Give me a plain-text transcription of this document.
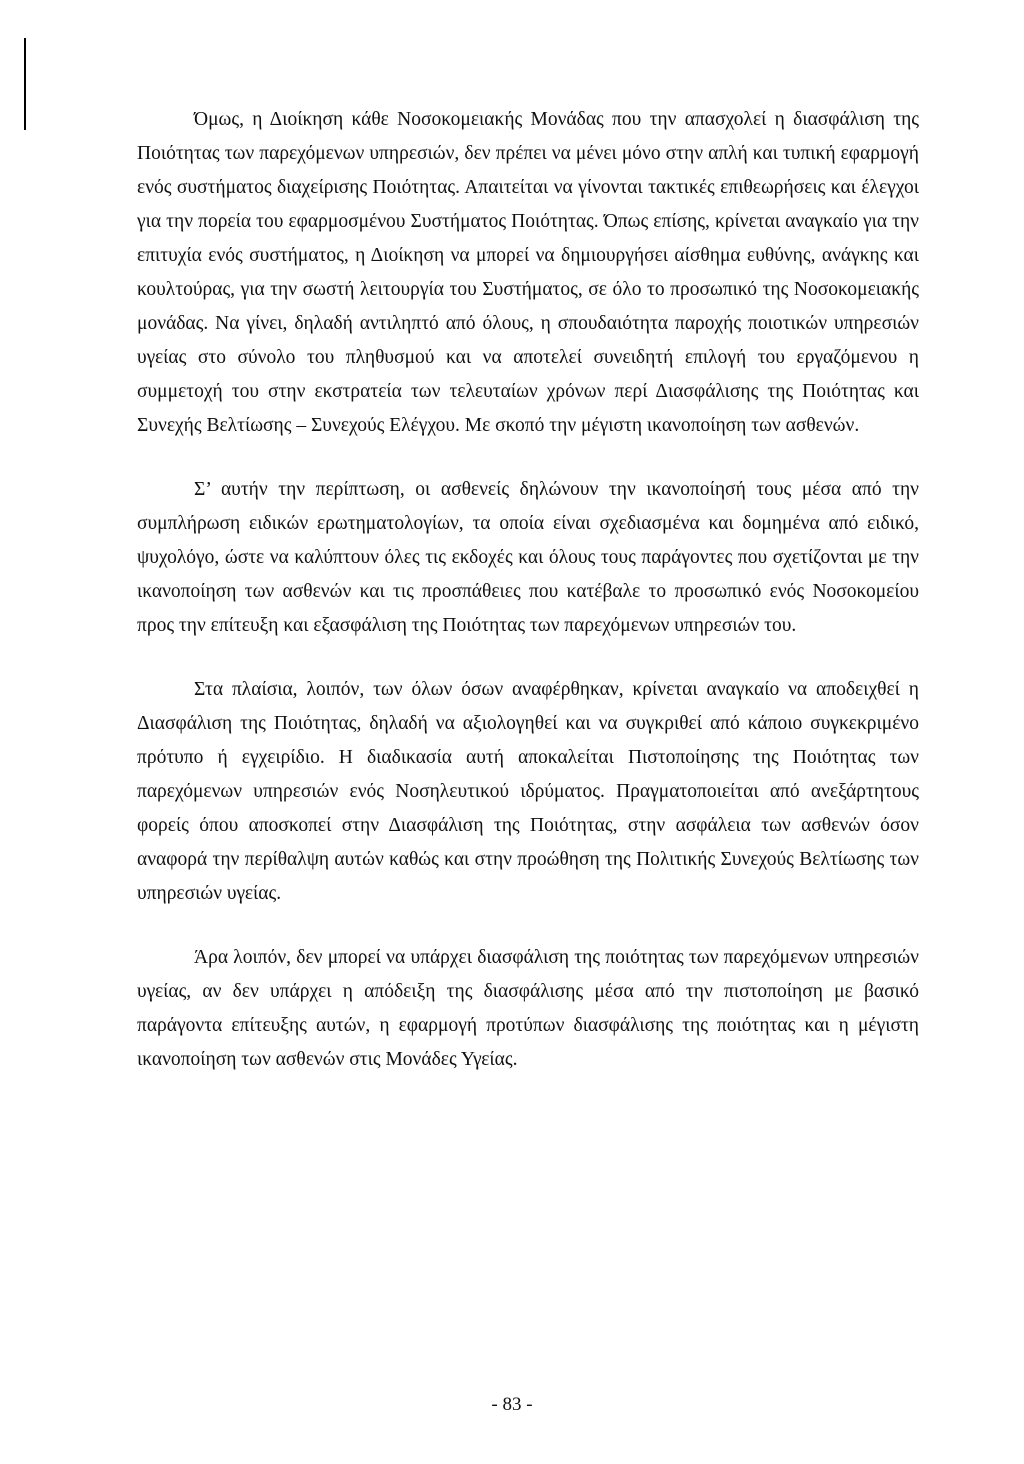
Όμως, η Διοίκηση κάθε Νοσοκομειακής Μονάδας που την απασχολεί η διασφάλιση της Ποιότητας των παρεχόμενων υπηρεσιών, δεν πρέπει να μένει μόνο στην απλή και τυπική εφαρμογή ενός συστήματος διαχείρισης Ποιότητας. Απαιτείται να γίνονται τακτικές επιθεωρήσεις και έλεγχοι για την πορεία του εφαρμοσμένου Συστήματος Ποιότητας. Όπως επίσης, κρίνεται αναγκαίο για την επιτυχία ενός συστήματος, η Διοίκηση να μπορεί να δημιουργήσει αίσθημα ευθύνης, ανάγκης και κουλτούρας, για την σωστή λειτουργία του Συστήματος, σε όλο το προσωπικό της Νοσοκομειακής μονάδας. Να γίνει, δηλαδή αντιληπτό από όλους, η σπουδαιότητα παροχής ποιοτικών υπηρεσιών υγείας στο σύνολο του πληθυσμού και να αποτελεί συνειδητή επιλογή του εργαζόμενου η συμμετοχή του στην εκστρατεία των τελευταίων χρόνων περί Διασφάλισης της Ποιότητας και Συνεχής Βελτίωσης – Συνεχούς Ελέγχου. Με σκοπό την μέγιστη ικανοποίηση των ασθενών.

Σ’ αυτήν την περίπτωση, οι ασθενείς δηλώνουν την ικανοποίησή τους μέσα από την συμπλήρωση ειδικών ερωτηματολογίων, τα οποία είναι σχεδιασμένα και δομημένα από ειδικό, ψυχολόγο, ώστε να καλύπτουν όλες τις εκδοχές και όλους τους παράγοντες που σχετίζονται με την ικανοποίηση των ασθενών και τις προσπάθειες που κατέβαλε το προσωπικό ενός Νοσοκομείου προς την επίτευξη και εξασφάλιση της Ποιότητας των παρεχόμενων υπηρεσιών του.

Στα πλαίσια, λοιπόν, των όλων όσων αναφέρθηκαν, κρίνεται αναγκαίο να αποδειχθεί η Διασφάλιση της Ποιότητας, δηλαδή να αξιολογηθεί και να συγκριθεί από κάποιο συγκεκριμένο πρότυπο ή εγχειρίδιο. Η διαδικασία αυτή αποκαλείται Πιστοποίησης της Ποιότητας των παρεχόμενων υπηρεσιών ενός Νοσηλευτικού ιδρύματος. Πραγματοποιείται από ανεξάρτητους φορείς όπου αποσκοπεί στην Διασφάλιση της Ποιότητας, στην ασφάλεια των ασθενών όσον αναφορά την περίθαλψη αυτών καθώς και στην προώθηση της Πολιτικής Συνεχούς Βελτίωσης των υπηρεσιών υγείας.

Άρα λοιπόν, δεν μπορεί να υπάρχει διασφάλιση της ποιότητας των παρεχόμενων υπηρεσιών υγείας, αν δεν υπάρχει η απόδειξη της διασφάλισης μέσα από την πιστοποίηση με βασικό παράγοντα επίτευξης αυτών, η εφαρμογή προτύπων διασφάλισης της ποιότητας και η μέγιστη ικανοποίηση των ασθενών στις Μονάδες Υγείας.

- 83 -
